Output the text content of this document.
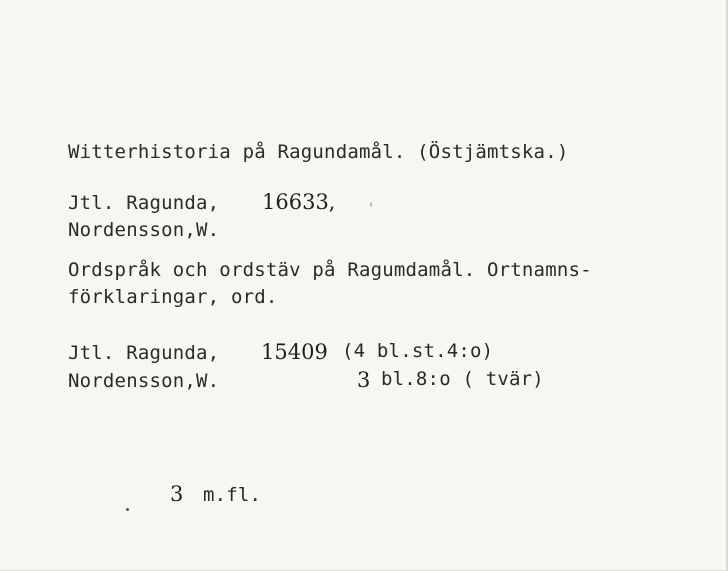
Witterhistoria på Ragundamål. (Östjämtska.)
Jtl. Ragunda, 16633,
Nordensson,W.
Ordspråk och ordstäv på Ragumdamål. Ortnamns-
förklaringar, ord.
Jtl. Ragunda, 15409 (4 bl.st.4:o)
Nordensson,W.	3 bl.8:o ( tvär)
3 m.fl.
